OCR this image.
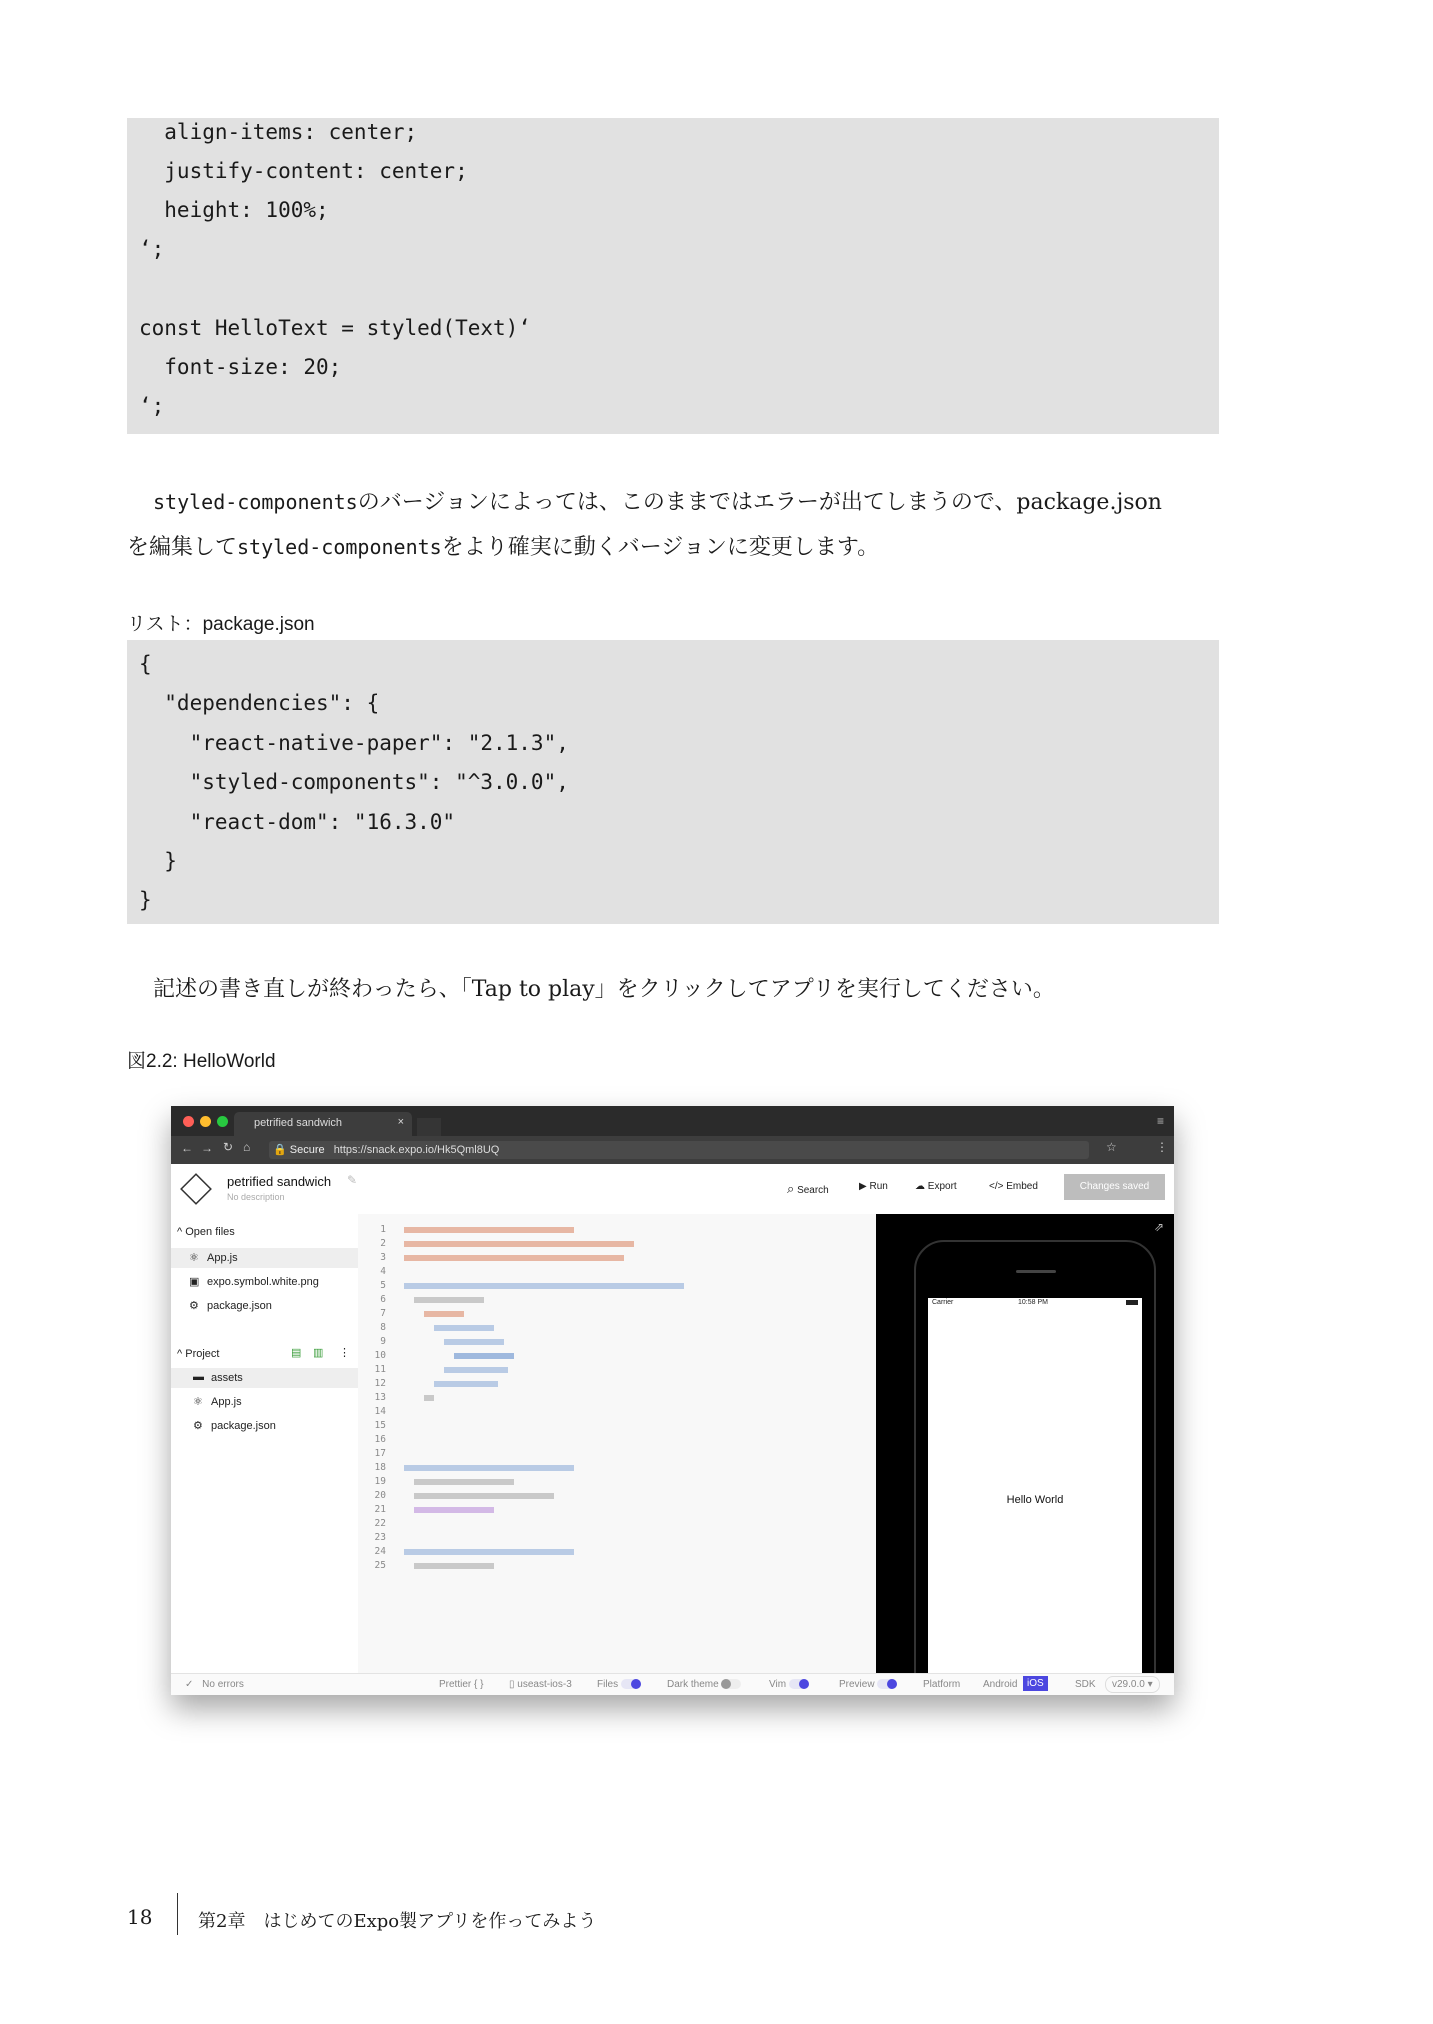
align-items: center;
justify-content: center;
height: 100%;
‘;
const HelloText = styled(Text)‘
font-size: 20;
‘;
styled-componentsのバージョンによっては、このままではエラーが出てしまうので、package.json
を編集してstyled-componentsをより確実に動くバージョンに変更します。
リスト：package.json
{
"dependencies": {
"react-native-paper": "2.1.3",
"styled-components": "^3.0.0",
"react-dom": "16.3.0"
}
}
記述の書き直しが終わったら、「Tap to play」をクリックしてアプリを実行してください。
図2.2: HelloWorld
petrified sandwich	×	≡
← → ↻ ⌂	🔒 Secure https://snack.expo.io/Hk5Qml8UQ	☆	⋮
petrified sandwich ✎
No description
⌕ Search	▶ Run	☁ Export	</> Embed	Changes saved
^ Open files
⚛ App.js
▣ expo.symbol.white.png
⚙ package.json
^ Project	▤ ▥ ⋮
▬ assets
⚛ App.js
⚙ package.json
1
2
3
4
5
6
7
8
9
10
11
12
13
14
15
16
17
18
19
20
21
22
23
24
25
⇗
Carrier	10:58 PM
Hello World
✓ No errors	Prettier { }	▯ useast-ios-3	Files	Dark theme	Vim	Preview	Platform Android iOS	SDK	v29.0.0 ▾
18	第2章　はじめてのExpo製アプリを作ってみよう
